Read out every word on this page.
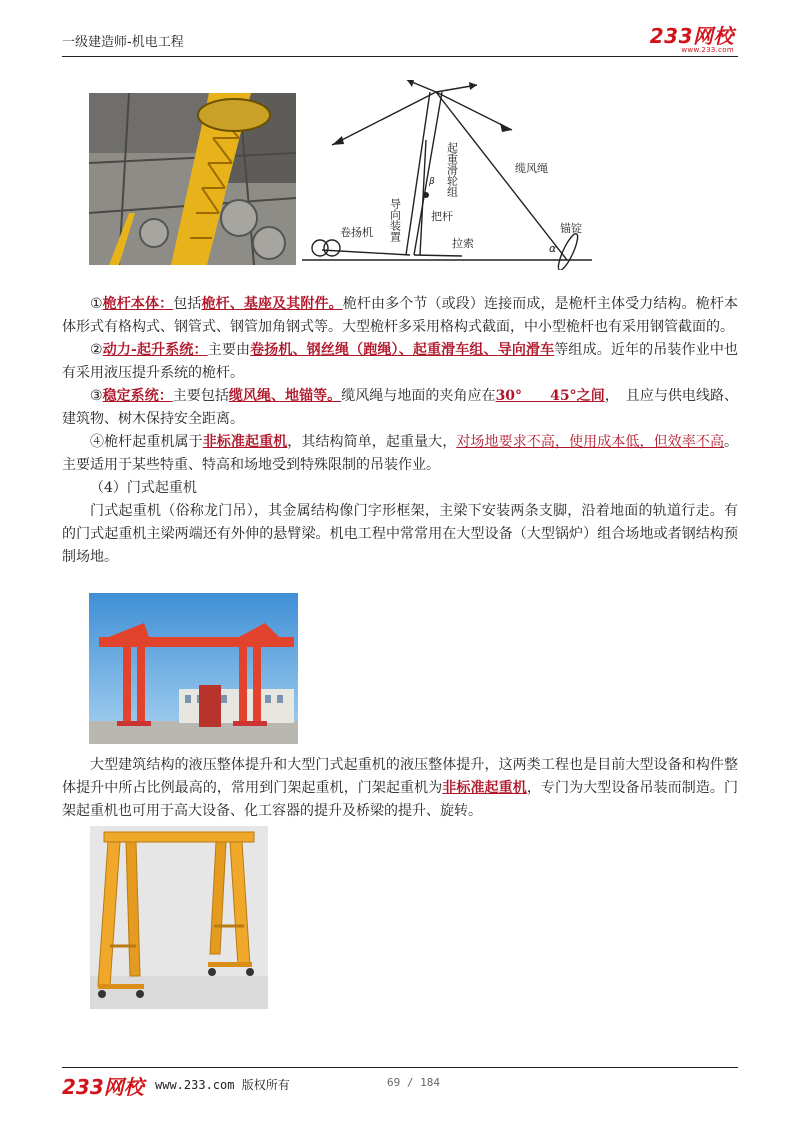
一级建造师-机电工程	233网校
www.233.com
起重滑轮组	缆风绳
导向装置	把杆
卷扬机
拉索
锚锭
α
β

①桅杆本体：包括桅杆、基座及其附件。桅杆由多个节（或段）连接而成，是桅杆主体受力结构。桅杆本体形式有格构式、钢管式、钢管加角钢式等。大型桅杆多采用格构式截面，中小型桅杆也有采用钢管截面的。

②动力-起升系统：主要由卷扬机、钢丝绳（跑绳）、起重滑车组、导向滑车等组成。近年的吊装作业中也有采用液压提升系统的桅杆。

③稳定系统：主要包括缆风绳、地锚等。缆风绳与地面的夹角应在30°　　45°之间，　且应与供电线路、建筑物、树木保持安全距离。

④桅杆起重机属于非标准起重机，其结构简单，起重量大，对场地要求不高，使用成本低，但效率不高。主要适用于某些特重、特高和场地受到特殊限制的吊装作业。

（4）门式起重机

门式起重机（俗称龙门吊），其金属结构像门字形框架，主梁下安装两条支脚，沿着地面的轨道行走。有的门式起重机主梁两端还有外伸的悬臂梁。机电工程中常常用在大型设备（大型锅炉）组合场地或者钢结构预制场地。

大型建筑结构的液压整体提升和大型门式起重机的液压整体提升，这两类工程也是目前大型设备和构件整体提升中所占比例最高的，常用到门架起重机，门架起重机为非标准起重机，专门为大型设备吊装而制造。门架起重机也可用于高大设备、化工容器的提升及桥梁的提升、旋转。

233网校 www.233.com 版权所有	69 / 184
